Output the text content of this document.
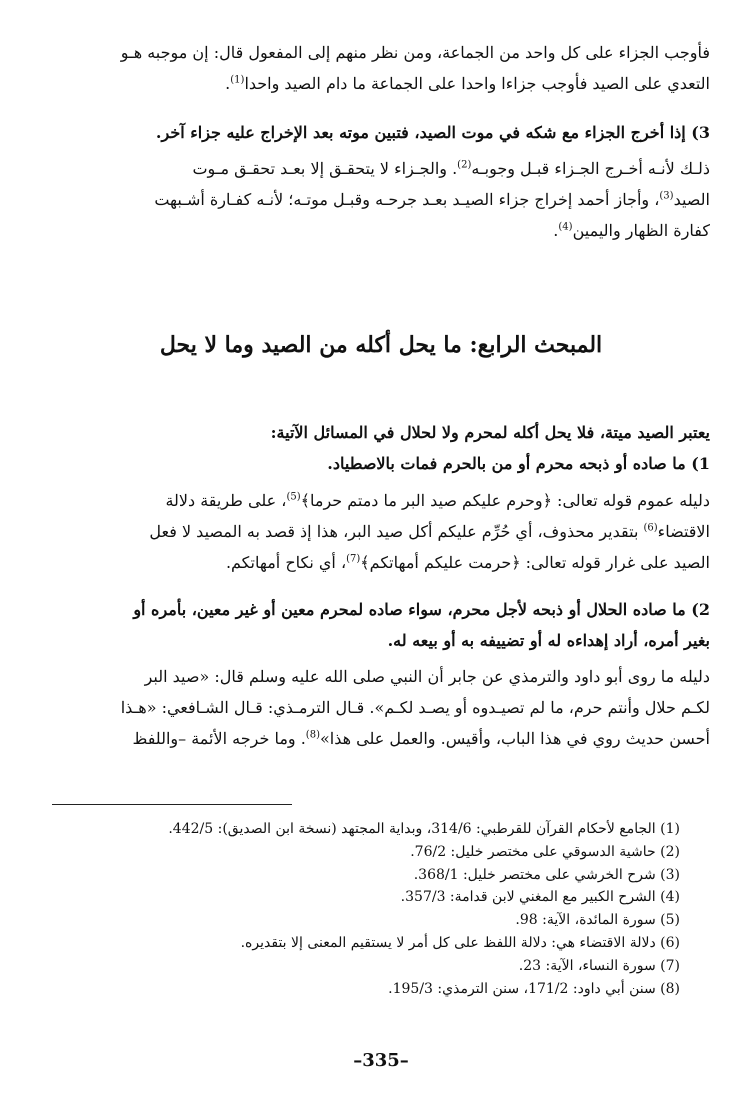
فأوجب الجزاء على كل واحد من الجماعة، ومن نظر منهم إلى المفعول قال: إن موجبه هـو
التعدي على الصيد فأوجب جزاءا واحدا على الجماعة ما دام الصيد واحدا$^{(1)}$.
3) إذا أخرج الجزاء مع شكه في موت الصيد، فتبين موته بعد الإخراج عليه جزاء آخر.
ذلـك لأنـه أخـرج الجـزاء قبـل وجوبـه$^{(2)}$. والجـزاء لا يتحقـق إلا بعـد تحقـق مـوت
الصيد$^{(3)}$، وأجاز أحمد إخراج جزاء الصيـد بعـد جرحـه وقبـل موتـه؛ لأنـه كفـارة أشـبهت
كفارة الظهار واليمين$^{(4)}$.
المبحث الرابع: ما يحل أكله من الصيد وما لا يحل
يعتبر الصيد ميتة، فلا يحل أكله لمحرم ولا لحلال في المسائل الآتية:
1) ما صاده أو ذبحه محرم أو من بالحرم فمات بالاصطياد.
دليله عموم قوله تعالى: ﴿وحرم عليكم صيد البر ما دمتم حرما﴾$^{(5)}$، على طريقة دلالة
الاقتضاء$^{(6)}$ بتقدير محذوف، أي حُرِّم عليكم أكل صيد البر، هذا إذ قصد به المصيد لا فعل
الصيد على غرار قوله تعالى: ﴿حرمت عليكم أمهاتكم﴾$^{(7)}$، أي نكاح أمهاتكم.
2) ما صاده الحلال أو ذبحه لأجل محرم، سواء صاده لمحرم معين أو غير معين، بأمره أو
بغير أمره، أراد إهداءه له أو تضييفه به أو بيعه له.
دليله ما روى أبو داود والترمذي عن جابر أن النبي صلى الله عليه وسلم قال: «صيد البر
لكـم حلال وأنتم حرم، ما لم تصيـدوه أو يصـد لكـم». قـال الترمـذي: قـال الشـافعي: «هـذا
أحسن حديث روي في هذا الباب، وأقيس. والعمل على هذا»$^{(8)}$. وما خرجه الأئمة –واللفظ
(1) الجامع لأحكام القرآن للقرطبي: 314/6، وبداية المجتهد (نسخة ابن الصديق): 442/5.
(2) حاشية الدسوقي على مختصر خليل: 76/2.
(3) شرح الخرشي على مختصر خليل: 368/1.
(4) الشرح الكبير مع المغني لابن قدامة: 357/3.
(5) سورة المائدة، الآية: 98.
(6) دلالة الاقتضاء هي: دلالة اللفظ على كل أمر لا يستقيم المعنى إلا بتقديره.
(7) سورة النساء، الآية: 23.
(8) سنن أبي داود: 171/2، سنن الترمذي: 195/3.
–335–
